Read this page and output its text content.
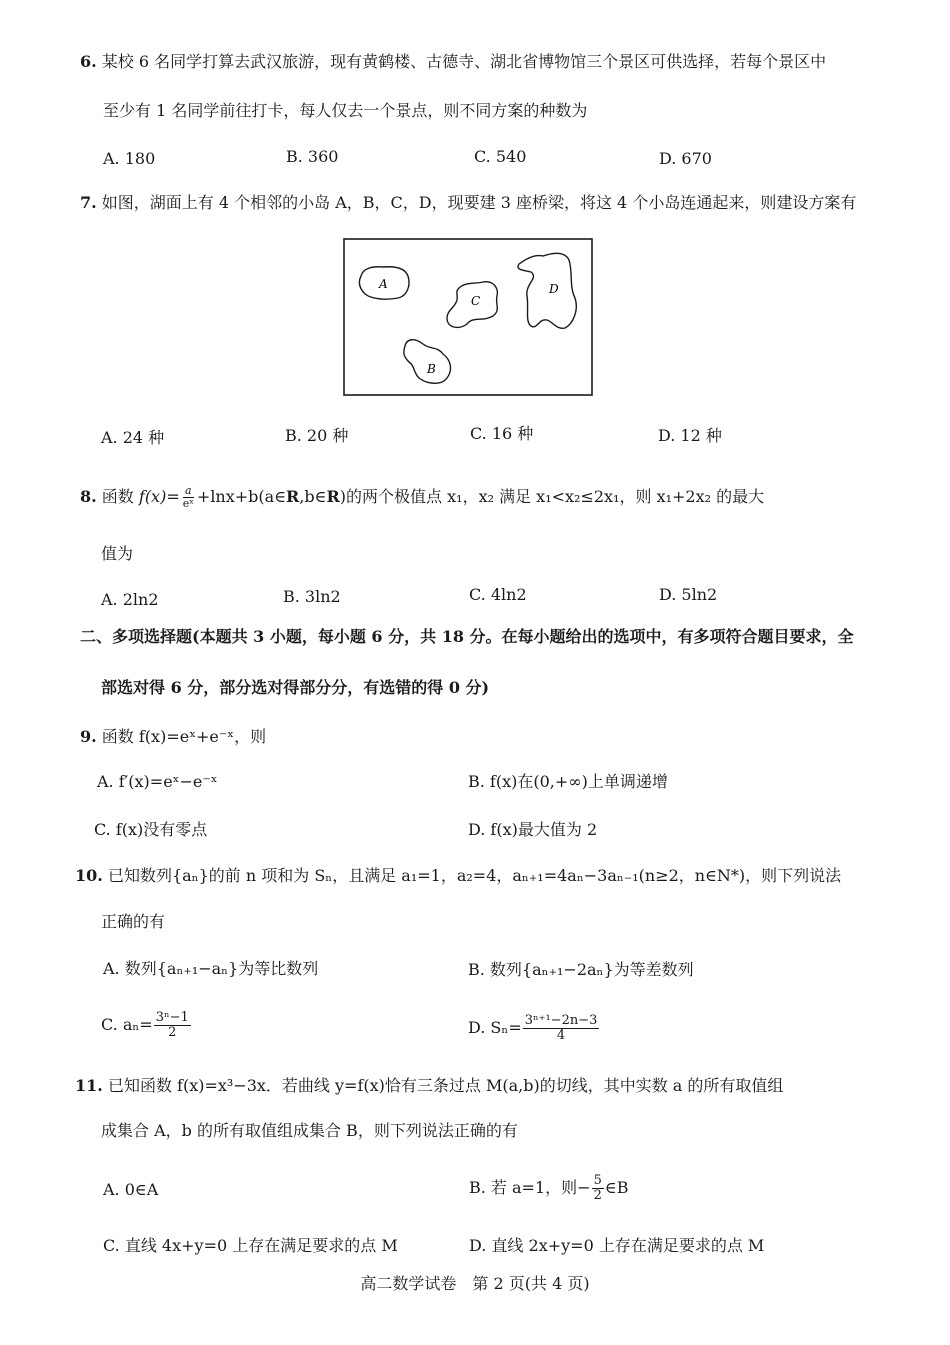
6. 某校 6 名同学打算去武汉旅游，现有黄鹤楼、古德寺、湖北省博物馆三个景区可供选择，若每个景区中
至少有 1 名同学前往打卡，每人仅去一个景点，则不同方案的种数为
A. 180	B. 360	C. 540	D. 670
7. 如图，湖面上有 4 个相邻的小岛 A，B，C，D，现要建 3 座桥梁，将这 4 个小岛连通起来，则建设方案有
A
C
D
B
A. 24 种	B. 20 种	C. 16 种	D. 12 种
8. 函数 $f(x)= \frac{a}{\text{eˣ}}$ +lnx+b(a∈R,b∈R)的两个极值点 x₁，x₂ 满足 x₁<x₂≤2x₁，则 x₁+2x₂ 的最大
值为
A. 2ln2	B. 3ln2	C. 4ln2	D. 5ln2
二、多项选择题(本题共 3 小题，每小题 6 分，共 18 分。在每小题给出的选项中，有多项符合题目要求，全
部选对得 6 分，部分选对得部分分，有选错的得 0 分)
9. 函数 f(x)=eˣ+e⁻ˣ，则
A. f′(x)=eˣ−e⁻ˣ	B. f(x)在(0,+∞)上单调递增
C. f(x)没有零点	D. f(x)最大值为 2
10. 已知数列{aₙ}的前 n 项和为 Sₙ，且满足 a₁=1，a₂=4，aₙ₊₁=4aₙ−3aₙ₋₁(n≥2，n∈N*)，则下列说法
正确的有
A. 数列{aₙ₊₁−aₙ}为等比数列	B. 数列{aₙ₊₁−2aₙ}为等差数列
C. $a_n= \frac{\text{3ⁿ−1}}{2}$	D. $S_n= \frac{\text{3ⁿ⁺¹−2n−3}}{4}$
11. 已知函数 f(x)=x³−3x．若曲线 y=f(x)恰有三条过点 M(a,b)的切线，其中实数 a 的所有取值组
成集合 A，b 的所有取值组成集合 B，则下列说法正确的有
A. 0∈A	B. 若 a=1，则− $\frac{5}{2}$ ∈B
C. 直线 4x+y=0 上存在满足要求的点 M	D. 直线 2x+y=0 上存在满足要求的点 M
高二数学试卷　第 2 页(共 4 页)
